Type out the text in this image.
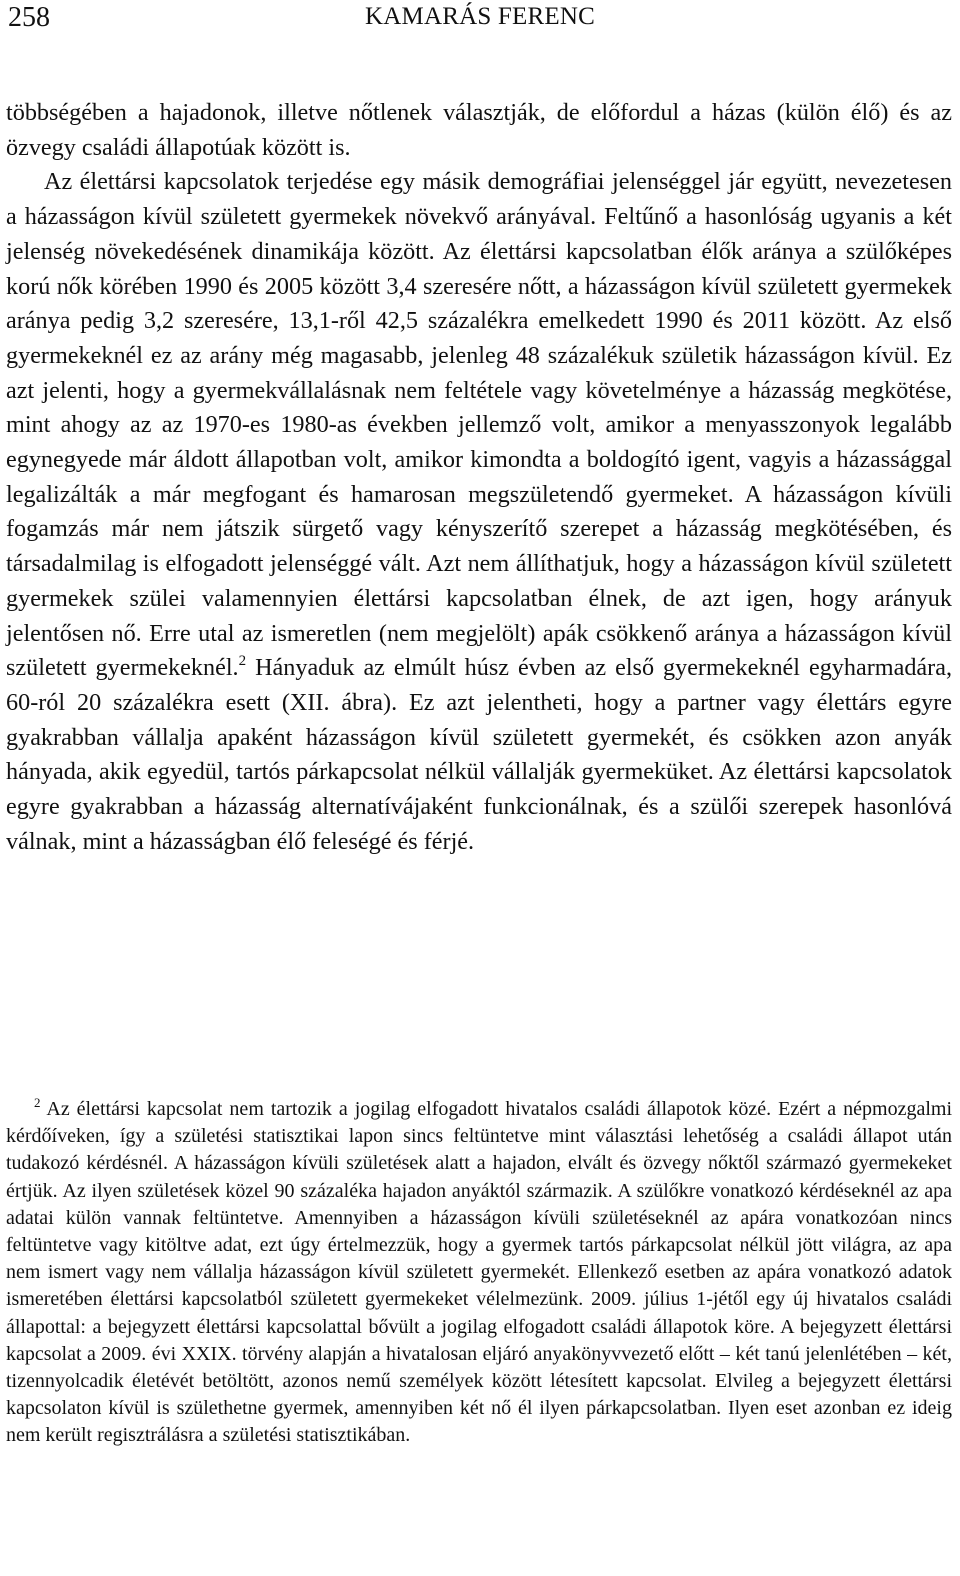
258	KAMARÁS FERENC

többségében a hajadonok, illetve nőtlenek választják, de előfordul a házas (külön élő) és az özvegy családi állapotúak között is.

Az élettársi kapcsolatok terjedése egy másik demográfiai jelenséggel jár együtt, nevezetesen a házasságon kívül született gyermekek növekvő arányával. Feltűnő a hasonlóság ugyanis a két jelenség növekedésének dinamikája között. Az élettársi kapcsolatban élők aránya a szülőképes korú nők körében 1990 és 2005 között 3,4 szeresére nőtt, a házasságon kívül született gyermekek aránya pedig 3,2 szeresére, 13,1-ről 42,5 százalékra emelkedett 1990 és 2011 között. Az első gyermekeknél ez az arány még magasabb, jelenleg 48 százalékuk születik házasságon kívül. Ez azt jelenti, hogy a gyermekvállalásnak nem feltétele vagy követelménye a házasság megkötése, mint ahogy az az 1970-es 1980-as években jellemző volt, amikor a menyasszonyok legalább egynegyede már áldott állapotban volt, amikor kimondta a boldogító igent, vagyis a házassággal legalizálták a már megfogant és hamarosan megszületendő gyermeket. A házasságon kívüli fogamzás már nem játszik sürgető vagy kényszerítő szerepet a házasság megkötésében, és társadalmilag is elfogadott jelenséggé vált. Azt nem állíthatjuk, hogy a házasságon kívül született gyermekek szülei valamennyien élettársi kapcsolatban élnek, de azt igen, hogy arányuk jelentősen nő. Erre utal az ismeretlen (nem megjelölt) apák csökkenő aránya a házasságon kívül született gyermekeknél.$^2$ Hányaduk az elmúlt húsz évben az első gyermekeknél egyharmadára, 60-ról 20 százalékra esett (XII. ábra). Ez azt jelentheti, hogy a partner vagy élettárs egyre gyakrabban vállalja apaként házasságon kívül született gyermekét, és csökken azon anyák hányada, akik egyedül, tartós párkapcsolat nélkül vállalják gyermeküket. Az élettársi kapcsolatok egyre gyakrabban a házasság alternatívájaként funkcionálnak, és a szülői szerepek hasonlóvá válnak, mint a házasságban élő feleségé és férjé.

$^2$ Az élettársi kapcsolat nem tartozik a jogilag elfogadott hivatalos családi állapotok közé. Ezért a népmozgalmi kérdőíveken, így a születési statisztikai lapon sincs feltüntetve mint választási lehetőség a családi állapot után tudakozó kérdésnél. A házasságon kívüli születések alatt a hajadon, elvált és özvegy nőktől származó gyermekeket értjük. Az ilyen születések közel 90 százaléka hajadon anyáktól származik. A szülőkre vonatkozó kérdéseknél az apa adatai külön vannak feltüntetve. Amennyiben a házasságon kívüli születéseknél az apára vonatkozóan nincs feltüntetve vagy kitöltve adat, ezt úgy értelmezzük, hogy a gyermek tartós párkapcsolat nélkül jött világra, az apa nem ismert vagy nem vállalja házasságon kívül született gyermekét. Ellenkező esetben az apára vonatkozó adatok ismeretében élettársi kapcsolatból született gyermekeket vélelmezünk. 2009. július 1-jétől egy új hivatalos családi állapottal: a bejegyzett élettársi kapcsolattal bővült a jogilag elfogadott családi állapotok köre. A bejegyzett élettársi kapcsolat a 2009. évi XXIX. törvény alapján a hivatalosan eljáró anyakönyvvezető előtt – két tanú jelenlétében – két, tizennyolcadik életévét betöltött, azonos nemű személyek között létesített kapcsolat. Elvileg a bejegyzett élettársi kapcsolaton kívül is születhetne gyermek, amennyiben két nő él ilyen párkapcsolatban. Ilyen eset azonban ez ideig nem került regisztrálásra a születési statisztikában.
